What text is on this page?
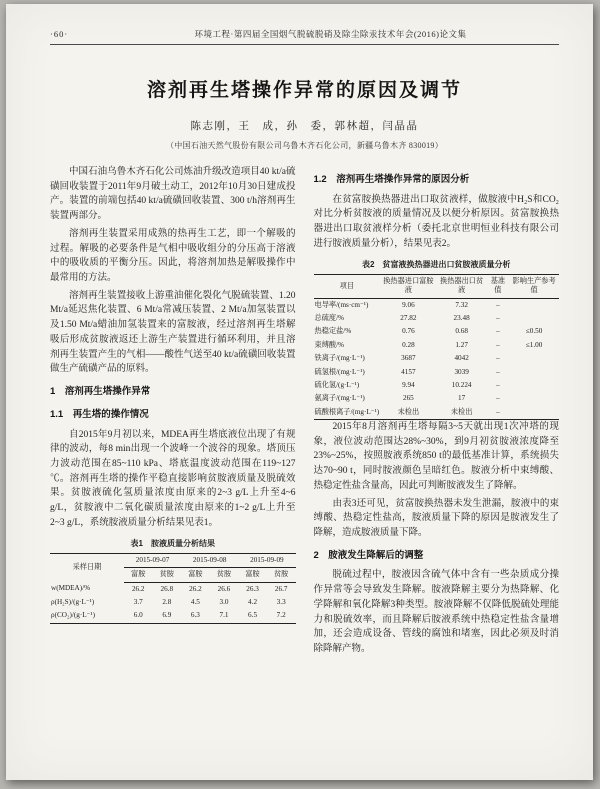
·60·	环境工程·第四届全国烟气脱硫脱硝及除尘除汞技术年会(2016)论文集
溶剂再生塔操作异常的原因及调节
陈志刚，王　成，孙　委，郭林超，闫晶晶
（中国石油天然气股份有限公司乌鲁木齐石化公司，新疆乌鲁木齐 830019）

中国石油乌鲁木齐石化公司炼油升级改造项目40 kt/a硫磺回收装置于2011年9月破土动工，2012年10月30日建成投产。装置的前端包括40 kt/a硫磺回收装置、300 t/h溶剂再生装置两部分。

溶剂再生装置采用成熟的热再生工艺，即一个解吸的过程。解吸的必要条件是气相中吸收组分的分压高于溶液中的吸收质的平衡分压。因此，将溶剂加热是解吸操作中最常用的方法。

溶剂再生装置接收上游重油催化裂化气脱硫装置、1.20 Mt/a延迟焦化装置、6 Mt/a常减压装置、2 Mt/a加氢装置以及1.50 Mt/a蜡油加氢装置来的富胺液，经过溶剂再生塔解吸后形成贫胺液返还上游生产装置进行循环利用，并且溶剂再生装置产生的气相——酸性气送至40 kt/a硫磺回收装置做生产硫磺产品的原料。

1　溶剂再生塔操作异常
1.1　再生塔的操作情况

自2015年9月初以来，MDEA再生塔底液位出现了有规律的波动，每8 min出现一个波峰一个波谷的现象。塔顶压力波动范围在85~110 kPa、塔底温度波动范围在119~127 ℃。溶剂再生塔的操作平稳直接影响贫胺液质量及脱硫效果。贫胺液硫化氢质量浓度由原来的2~3 g/L上升至4~6 g/L，贫胺液中二氧化碳质量浓度由原来的1~2 g/L上升至2~3 g/L，系统胺液质量分析结果见表1。

表1　胺液质量分析结果
采样日期	2015-09-07		2015-09-08		2015-09-09	
	富胺	贫胺	富胺	贫胺	富胺	贫胺
w(MDEA)/%	26.2	26.8	26.2	26.6	26.3	26.7
ρ(H₂S)/(g·L⁻¹)	3.7	2.8	4.5	3.0	4.2	3.3
ρ(CO₂)/(g·L⁻¹)	6.0	6.9	6.3	7.1	6.5	7.2
1.2　溶剂再生塔操作异常的原因分析

在贫富胺换热器进出口取贫液样，做胺液中H₂S和CO₂对比分析贫胺液的质量情况及以便分析原因。贫富胺换热器进出口取贫液样分析（委托北京世明恒业科技有限公司进行胺液质量分析），结果见表2。

表2　贫富液换热器进出口贫胺液质量分析
项目	换热器进口富胺液	换热器出口贫液	基准值	影响生产参考值
电导率/(ms·cm⁻¹)	9.06	7.32	–	
总硫度/%	27.82	23.48	–	
热稳定盐/%	0.76	0.68	–	≤0.50
束缚酸/%	0.28	1.27	–	≤1.00
铁离子/(mg·L⁻¹)	3687	4042	–	
硫氢根/(mg·L⁻¹)	4157	3039	–	
硫化氢/(g·L⁻¹)	9.94	10.224	–	
氨离子/(mg·L⁻¹)	265	17	–	
硫酸根离子/(mg·L⁻¹)	未检出	未检出	–	

2015年8月溶剂再生塔每隔3~5天就出现1次冲塔的现象，液位波动范围达28%~30%，到9月初贫胺液浓度降至23%~25%，按照胺液系统850 t的最低基准计算，系统损失达70~90 t，同时胺液颜色呈暗红色。胺液分析中束缚酸、热稳定性盐含量高，因此可判断胺液发生了降解。

由表3还可见，贫富胺换热器未发生泄漏，胺液中的束缚酸、热稳定性盐高，胺液质量下降的原因是胺液发生了降解，造成胺液质量下降。

2　胺液发生降解后的调整

脱硫过程中，胺液因含硫气体中含有一些杂质成分操作异常等会导致发生降解。胺液降解主要分为热降解、化学降解和氧化降解3种类型。胺液降解不仅降低脱硫处理能力和脱硫效率，而且降解后胺液系统中热稳定性盐含量增加，还会造成设备、管线的腐蚀和堵塞，因此必须及时消除降解产物。
